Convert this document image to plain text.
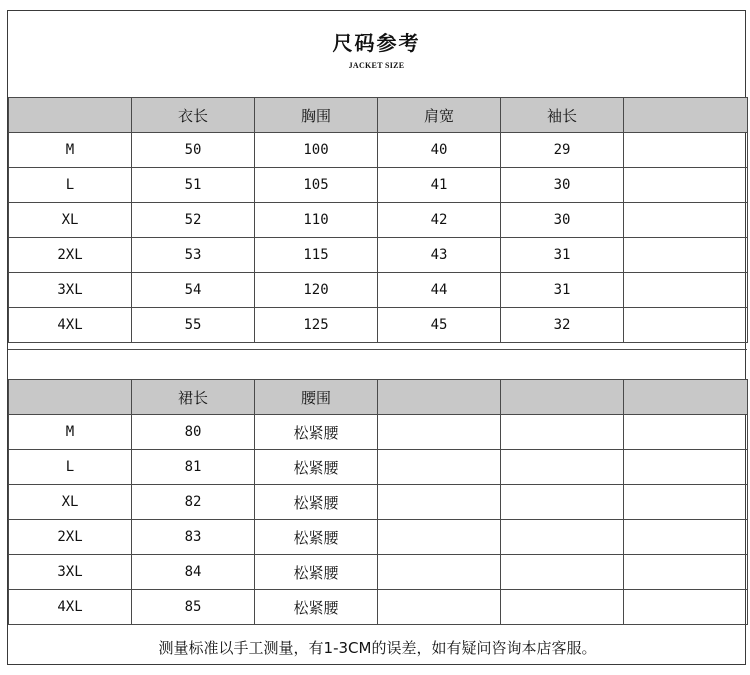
尺码参考
JACKET SIZE
	衣长	胸围	肩宽	袖长	
M	50	100	40	29	
L	51	105	41	30	
XL	52	110	42	30	
2XL	53	115	43	31	
3XL	54	120	44	31	
4XL	55	125	45	32	
	裙长	腰围			
M	80	松紧腰			
L	81	松紧腰			
XL	82	松紧腰			
2XL	83	松紧腰			
3XL	84	松紧腰			
4XL	85	松紧腰			
测量标准以手工测量，有1-3CM的误差，如有疑问咨询本店客服。
